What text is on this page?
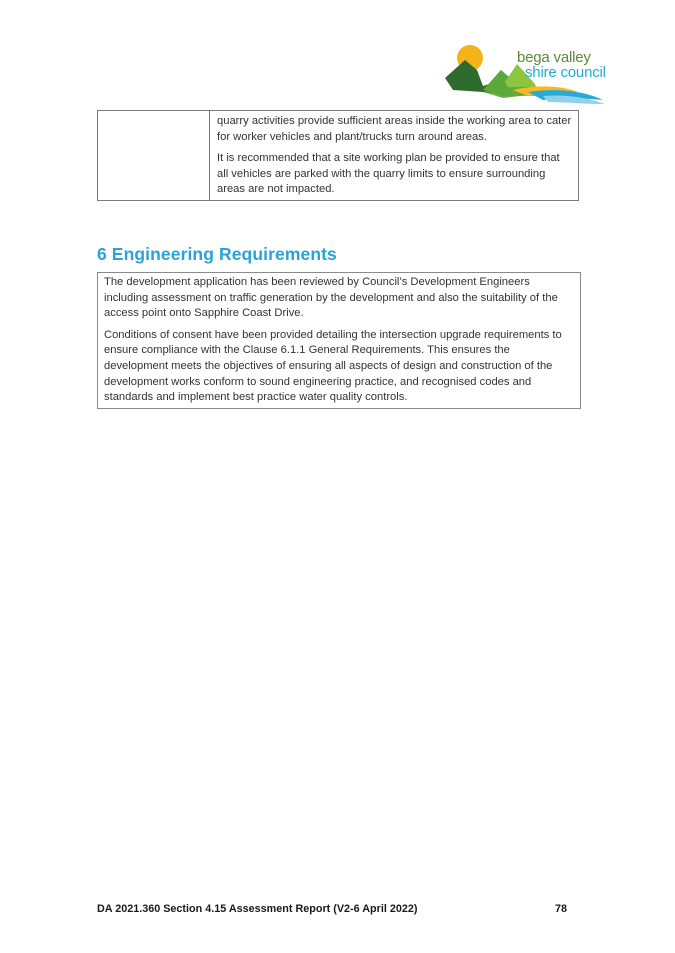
bega valley
shire council

quarry activities provide sufficient areas inside the working area to cater for worker vehicles and plant/trucks turn around areas.

It is recommended that a site working plan be provided to ensure that all vehicles are parked with the quarry limits to ensure surrounding areas are not impacted.

6 Engineering Requirements

The development application has been reviewed by Council’s Development Engineers including assessment on traffic generation by the development and also the suitability of the access point onto Sapphire Coast Drive.

Conditions of consent have been provided detailing the intersection upgrade requirements to ensure compliance with the Clause 6.1.1 General Requirements. This ensures the development meets the objectives of ensuring all aspects of design and construction of the development works conform to sound engineering practice, and recognised codes and standards and implement best practice water quality controls.

DA 2021.360 Section 4.15 Assessment Report (V2-6 April 2022)	78
